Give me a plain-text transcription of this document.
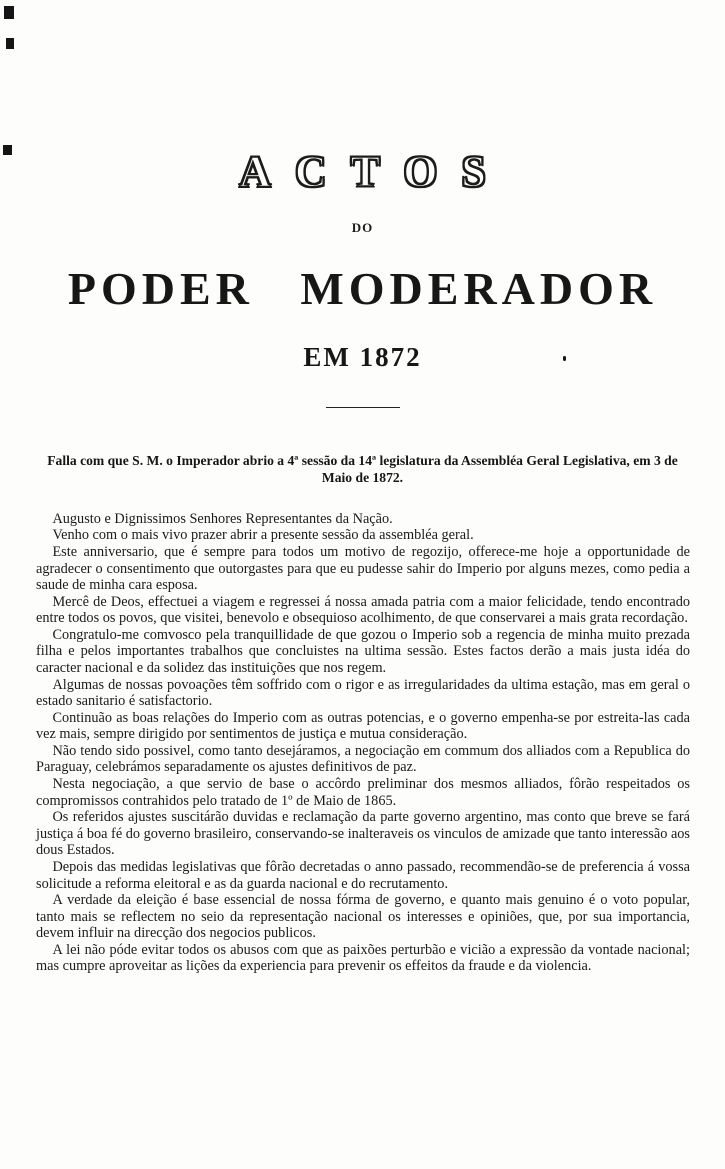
ACTOS
DO
PODER MODERADOR
EM 1872
Falla com que S. M. o Imperador abrio a 4ª sessão da 14ª legislatura da Assembléa Geral Legislativa, em 3 de Maio de 1872.

Augusto e Dignissimos Senhores Representantes da Nação.

Venho com o mais vivo prazer abrir a presente sessão da assembléa geral.

Este anniversario, que é sempre para todos um motivo de regozijo, offerece-me hoje a opportunidade de agradecer o consentimento que outorgastes para que eu pudesse sahir do Imperio por alguns mezes, como pedia a saude de minha cara esposa.

Mercê de Deos, effectuei a viagem e regressei á nossa amada patria com a maior felicidade, tendo encontrado entre todos os povos, que visitei, benevolo e obsequioso acolhimento, de que conservarei a mais grata recordação.

Congratulo-me comvosco pela tranquillidade de que gozou o Imperio sob a regencia de minha muito prezada filha e pelos importantes trabalhos que concluistes na ultima sessão. Estes factos derão a mais justa idéa do caracter nacional e da solidez das instituições que nos regem.

Algumas de nossas povoações têm soffrido com o rigor e as irregularidades da ultima estação, mas em geral o estado sanitario é satisfactorio.

Continuão as boas relações do Imperio com as outras potencias, e o governo empenha-se por estreita-las cada vez mais, sempre dirigido por sentimentos de justiça e mutua consideração.

Não tendo sido possivel, como tanto desejáramos, a negociação em commum dos alliados com a Republica do Paraguay, celebrámos separadamente os ajustes definitivos de paz.

Nesta negociação, a que servio de base o accôrdo preliminar dos mesmos alliados, fôrão respeitados os compromissos contrahidos pelo tratado de 1º de Maio de 1865.

Os referidos ajustes suscitárão duvidas e reclamação da parte governo argentino, mas conto que breve se fará justiça á boa fé do governo brasileiro, conservando-se inalteraveis os vinculos de amizade que tanto interessão aos dous Estados.

Depois das medidas legislativas que fôrão decretadas o anno passado, recommendão-se de preferencia á vossa solicitude a reforma eleitoral e as da guarda nacional e do recrutamento.

A verdade da eleição é base essencial de nossa fórma de governo, e quanto mais genuino é o voto popular, tanto mais se reflectem no seio da representação nacional os interesses e opiniões, que, por sua importancia, devem influir na direcção dos negocios publicos.

A lei não póde evitar todos os abusos com que as paixões perturbão e vicião a expressão da vontade nacional; mas cumpre aproveitar as lições da experiencia para prevenir os effeitos da fraude e da violencia.
